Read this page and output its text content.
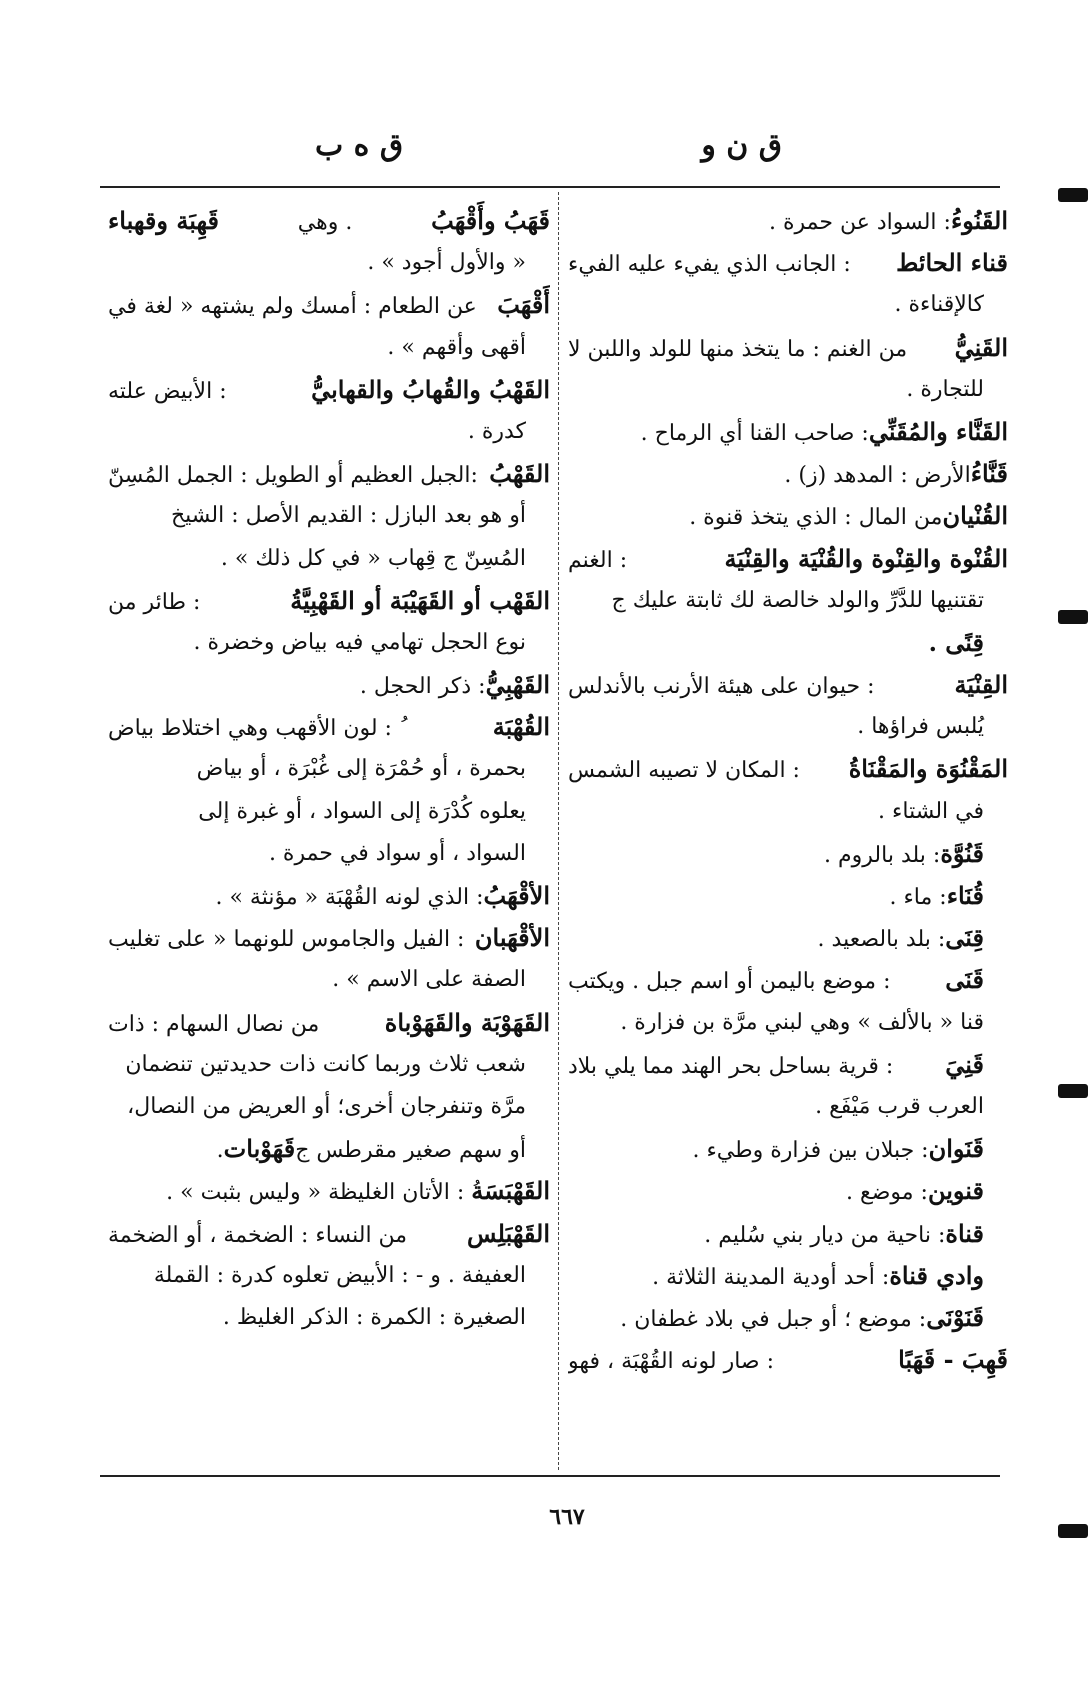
ق ن و
ق ه ب
القَنُوءُ
: السواد عن حمرة .
قناء الحائط
: الجانب الذي يفيء عليه الفيء
كالإقناءة .
القَنِيُّ
من الغنم : ما يتخذ منها للولد واللبن لا
للتجارة .
القَنَّاء والمُقَنِّي
: صاحب القنا أي الرماح .
قَنَّاءُ
الأرض : المدهد (ز) .
القُنْيان
من المال : الذي يتخذ قنوة .
القُنْوة والقِنْوة والقُنْيَة والقِنْيَة
: الغنم
تقتنيها للدَّرِّ والولد خالصة لك ثابتة عليك ج
قِنًى .
القِنْيَة
: حيوان على هيئة الأرنب بالأندلس
يُلبس فراؤها .
المَقْنُوَة والمَقْنَاةُ
: المكان لا تصيبه الشمس
في الشتاء .
قَنُوَّة
: بلد بالروم .
قُنَاء
: ماء .
قِنَى
: بلد بالصعيد .
قَنَى
: موضع باليمن أو اسم جبل . ويكتب
قنا « بالألف » وهي لبني مرَّة بن فزارة .
قَنِيَ
: قرية بساحل بحر الهند مما يلي بلاد
العرب قرب مَيْفَع .
قَنَوان
: جبلان بين فزارة وطيء .
قنوين
: موضع .
قناة
: ناحية من ديار بني سُليم .
وادي قناة
: أحد أودية المدينة الثلاثة .
قَنَوْنَى
: موضع ؛ أو جبل في بلاد غطفان .
قَهِبَ - قَهَبًا
: صار لونه القُهْبَة ، فهو
قَهَبُ وأَقْهَبُ
. وهي
قَهِبَة وقهباء
« والأول أجود » .
أَقْهَبَ
عن الطعام : أمسك ولم يشتهه « لغة في
أقهى وأقهم » .
القَهْبُ والقُهابُ والقهابيُّ
: الأبيض علته
كدرة .
القَهْبُ
:الجبل العظيم أو الطويل : الجمل المُسِنّ
أو هو بعد البازل : القديم الأصل : الشيخ
المُسِنّ ج قِهاب « في كل ذلك » .
القَهْب أو القَهَيْبَة أو القَهْبِيَّةُ
: طائر من
نوع الحجل تهامي فيه بياض وخضرة .
القَهْبِيُّ
: ذكر الحجل .
القُهْبَة
ُ : لون الأقهب وهي اختلاط بياض
بحمرة ، أو حُمْرَة إلى غُبْرَة ، أو بياض
يعلوه كُدْرَة إلى السواد ، أو غبرة إلى
السواد ، أو سواد في حمرة .
الأقْهَبُ
: الذي لونه القُهْبَة « مؤنثة » .
الأقْهَبان
: الفيل والجاموس للونهما « على تغليب
الصفة على الاسم » .
القَهَوْبَة والقَهَوْباة
من نصال السهام : ذات
شعب ثلاث وربما كانت ذات حديدتين تنضمان
مرَّة وتنفرجان أخرى؛ أو العريض من النصال،
أو سهم صغير مقرطس ج
قَهَوْبات
.
القَهْبَسَة
ُ : الأتان الغليظة « وليس بثبت » .
القَهْبَلِس
من النساء : الضخمة ، أو الضخمة
العفيفة . و - : الأبيض تعلوه كدرة : القملة
الصغيرة : الكمرة : الذكر الغليظ .
٦٦٧
